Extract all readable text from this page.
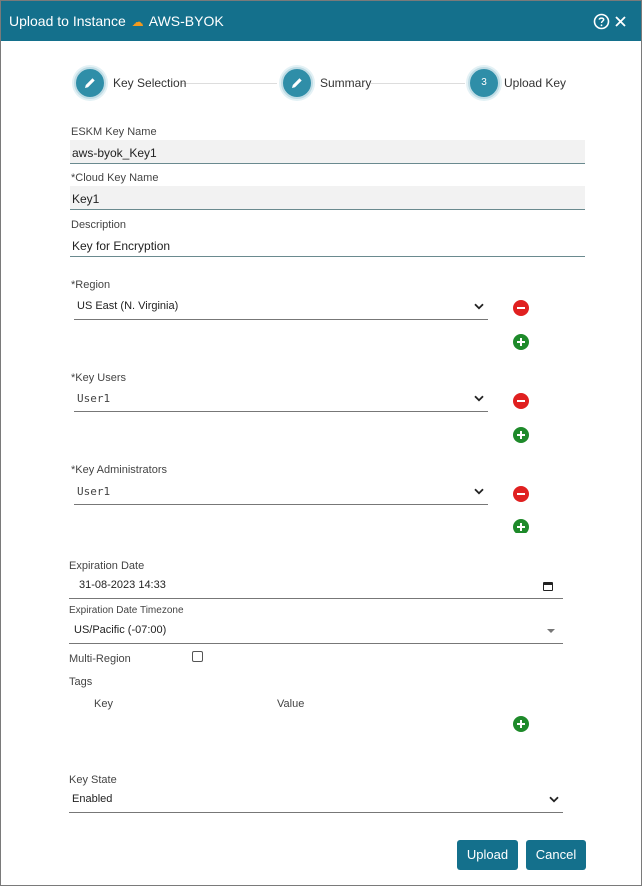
Upload to Instance ☁ AWS-BYOK
Key Selection	Summary	3	Upload Key
ESKM Key Name
aws-byok_Key1
*Cloud Key Name
Key1
Description
Key for Encryption
*Region
US East (N. Virginia)
*Key Users
User1
*Key Administrators
User1
Expiration Date
31-08-2023 14:33
Expiration Date Timezone
US/Pacific (-07:00)
Multi-Region
Tags
Key	Value
Key State
Enabled
Upload	Cancel
